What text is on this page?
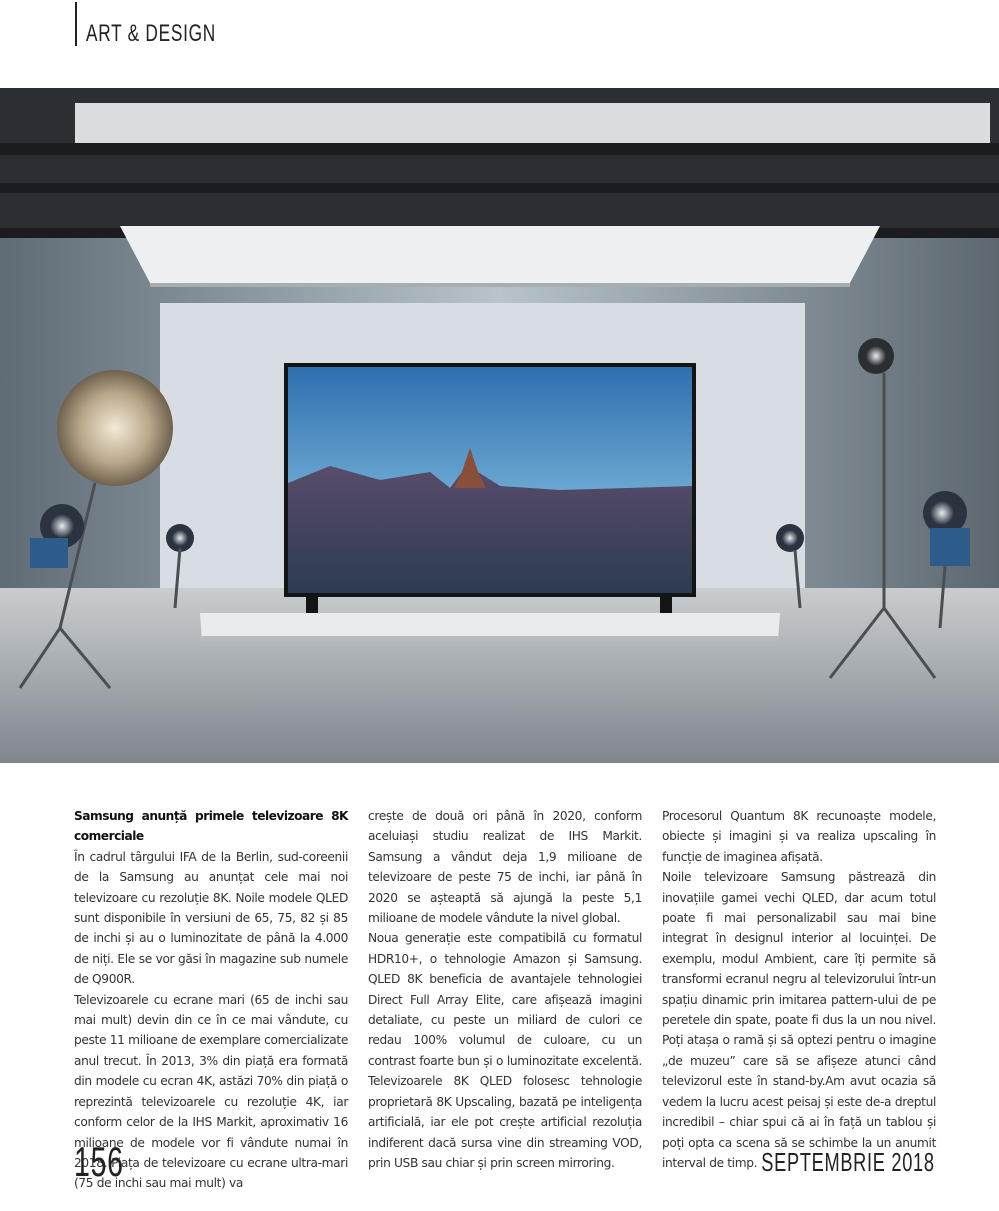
ART & DESIGN

Samsung anunță primele televizoare 8K comerciale

În cadrul târgului IFA de la Berlin, sud-coreenii de la Samsung au anunțat cele mai noi televizoare cu rezoluție 8K. Noile modele QLED sunt disponibile în versiuni de 65, 75, 82 și 85 de inchi și au o luminozitate de până la 4.000 de niți. Ele se vor găsi în magazine sub numele de Q900R.

Televizoarele cu ecrane mari (65 de inchi sau mai mult) devin din ce în ce mai vândute, cu peste 11 milioane de exemplare comercializate anul trecut. În 2013, 3% din piață era formată din modele cu ecran 4K, astăzi 70% din piață o reprezintă televizoarele cu rezoluție 4K, iar conform celor de la IHS Markit, aproximativ 16 milioane de modele vor fi vândute numai în 2018. Piața de televizoare cu ecrane ultra-mari (75 de inchi sau mai mult) va

crește de două ori până în 2020, conform aceluiași studiu realizat de IHS Markit. Samsung a vândut deja 1,9 milioane de televizoare de peste 75 de inchi, iar până în 2020 se așteaptă să ajungă la peste 5,1 milioane de modele vândute la nivel global.

Noua generație este compatibilă cu formatul HDR10+, o tehnologie Amazon și Samsung. QLED 8K beneficia de avantajele tehnologiei Direct Full Array Elite, care afișează imagini detaliate, cu peste un miliard de culori ce redau 100% volumul de culoare, cu un contrast foarte bun și o luminozitate excelentă. Televizoarele 8K QLED folosesc tehnologie proprietară 8K Upscaling, bazată pe inteligența artificială, iar ele pot crește artificial rezoluția indiferent dacă sursa vine din streaming VOD, prin USB sau chiar și prin screen mirroring.

Procesorul Quantum 8K recunoaște modele, obiecte și imagini și va realiza upscaling în funcție de imaginea afișată.

Noile televizoare Samsung păstrează din inovațiile gamei vechi QLED, dar acum totul poate fi mai personalizabil sau mai bine integrat în designul interior al locuinței. De exemplu, modul Ambient, care îți permite să transformi ecranul negru al televizorului într-un spațiu dinamic prin imitarea pattern-ului de pe peretele din spate, poate fi dus la un nou nivel. Poți atașa o ramă și să optezi pentru o imagine „de muzeu” care să se afișeze atunci când televizorul este în stand-by.Am avut ocazia să vedem la lucru acest peisaj și este de-a dreptul incredibil – chiar spui că ai în față un tablou și poți opta ca scena să se schimbe la un anumit interval de timp.

156	SEPTEMBRIE 2018
